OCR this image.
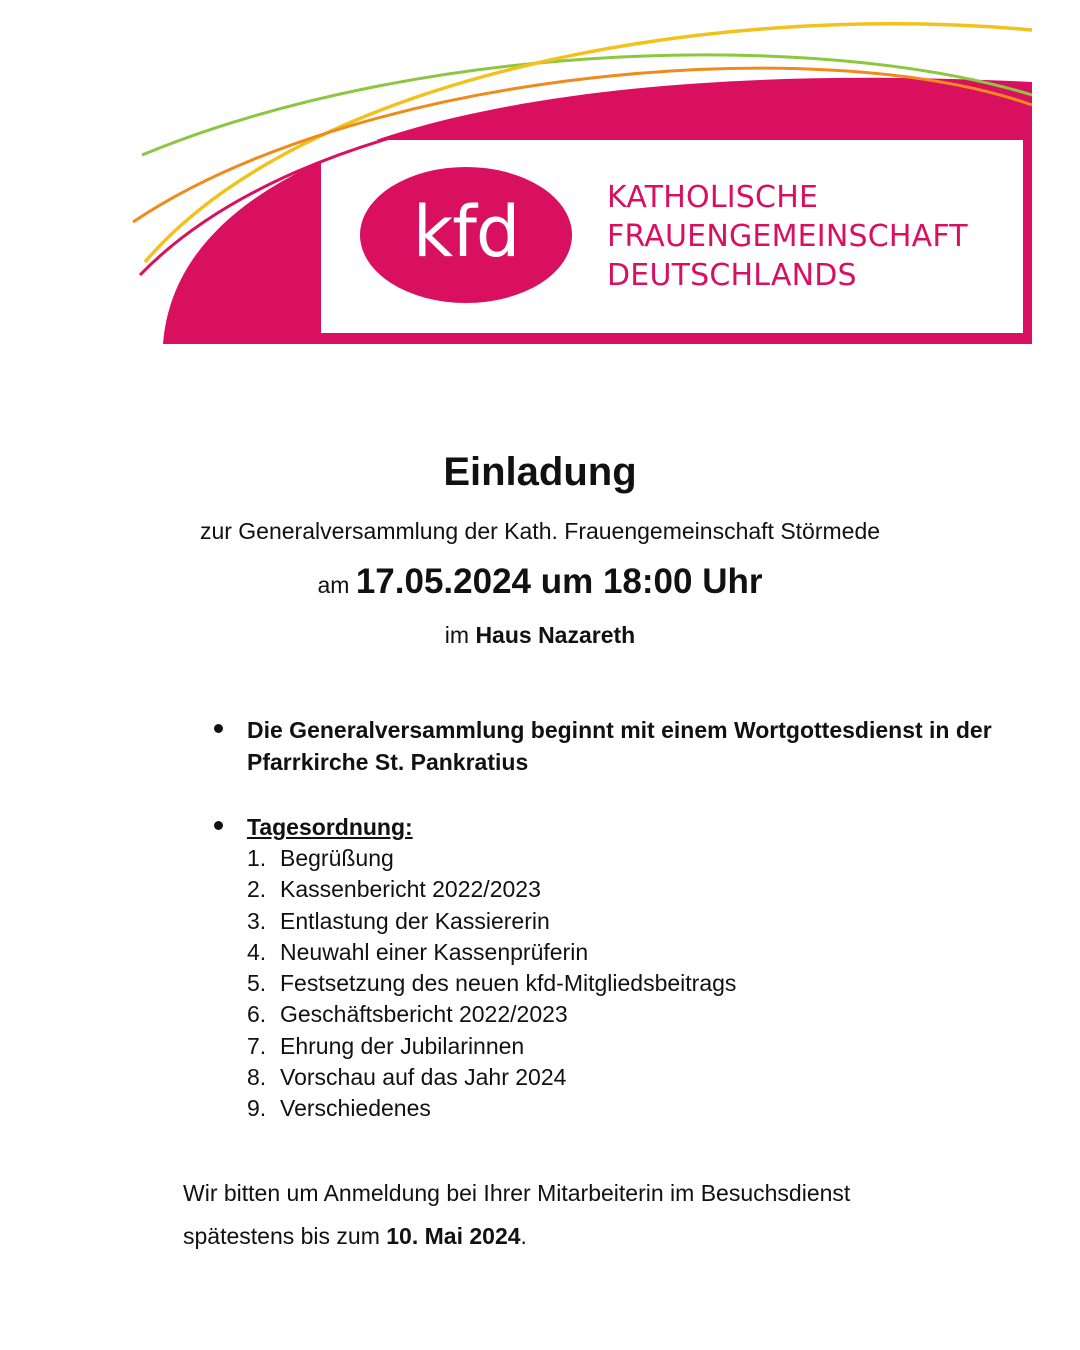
kfd	KATHOLISCHE
FRAUENGEMEINSCHAFT
DEUTSCHLANDS
Einladung
zur Generalversammlung der Kath. Frauengemeinschaft Störmede
am 17.05.2024 um 18:00 Uhr
im Haus Nazareth
Die Generalversammlung beginnt mit einem Wortgottesdienst in der Pfarrkirche St. Pankratius
Tagesordnung:
1. Begrüßung
2. Kassenbericht 2022/2023
3. Entlastung der Kassiererin
4. Neuwahl einer Kassenprüferin
5. Festsetzung des neuen kfd-Mitgliedsbeitrags
6. Geschäftsbericht 2022/2023
7. Ehrung der Jubilarinnen
8. Vorschau auf das Jahr 2024
9. Verschiedenes

Wir bitten um Anmeldung bei Ihrer Mitarbeiterin im Besuchsdienst

spätestens bis zum 10. Mai 2024.
